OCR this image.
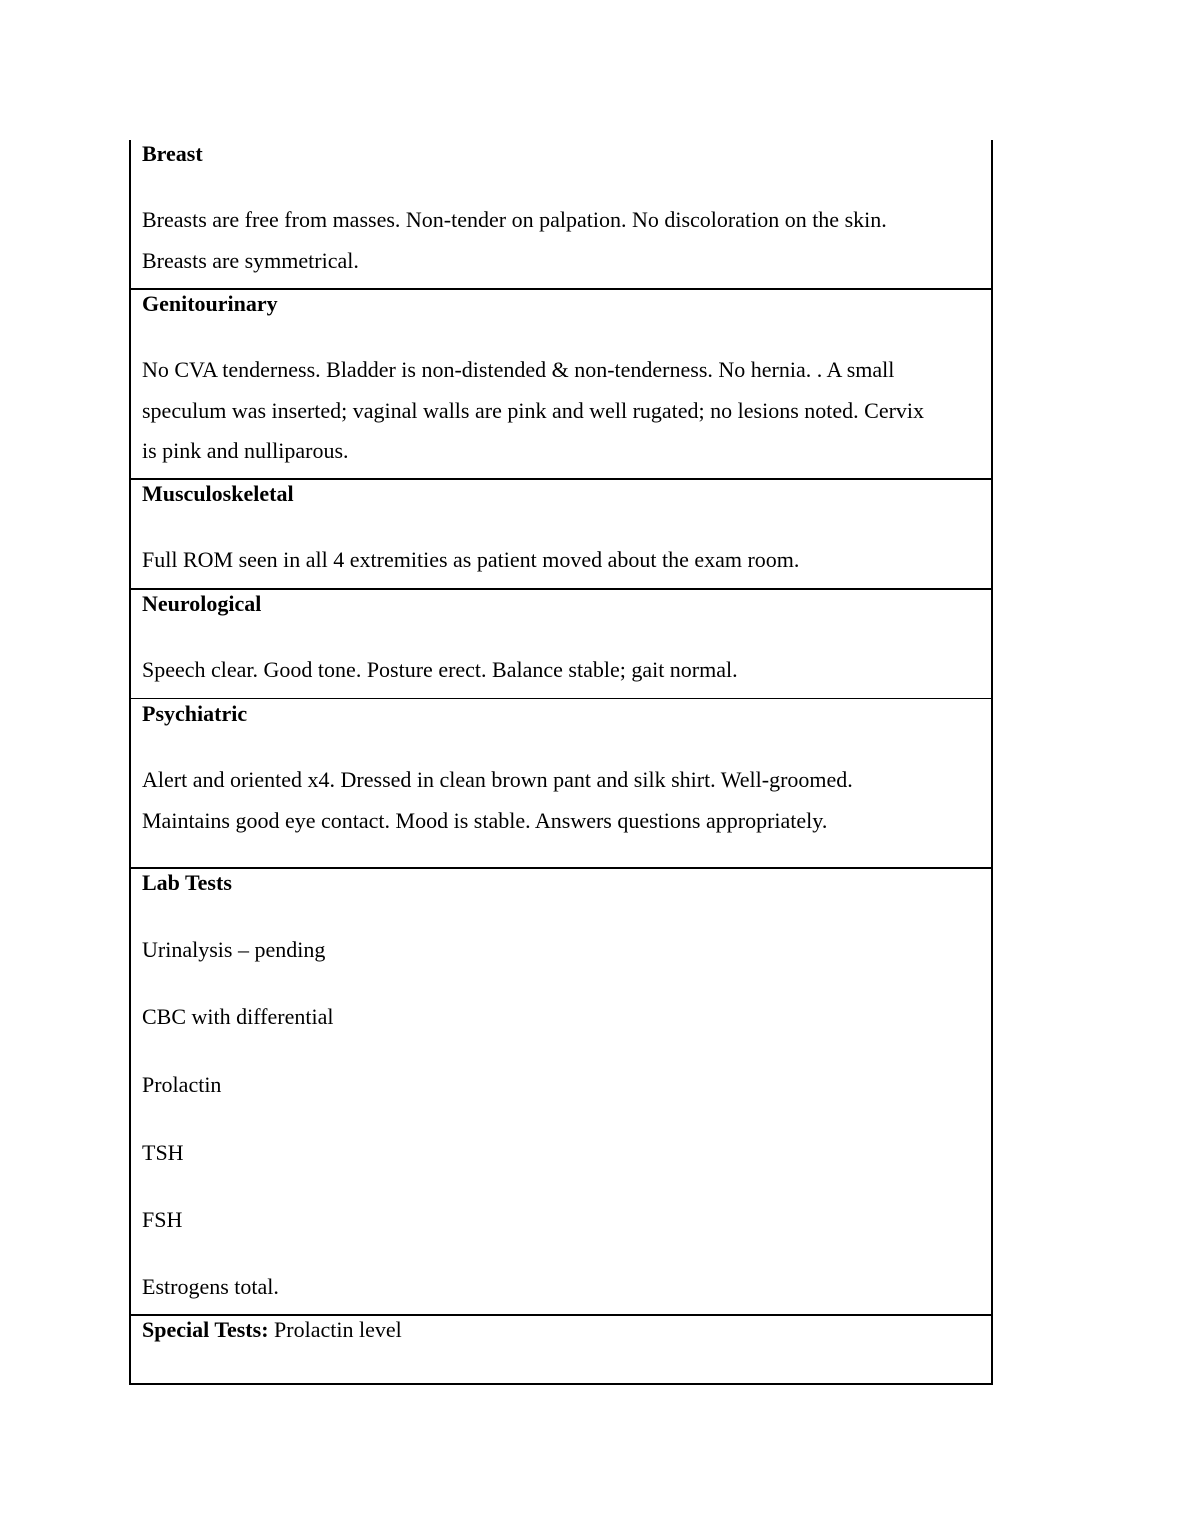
Breast
Breasts are free from masses. Non-tender on palpation. No discoloration on the skin.
Breasts are symmetrical.
Genitourinary
No CVA tenderness. Bladder is non-distended & non-tenderness. No hernia. . A small
speculum was inserted; vaginal walls are pink and well rugated; no lesions noted. Cervix
is pink and nulliparous.
Musculoskeletal
Full ROM seen in all 4 extremities as patient moved about the exam room.
Neurological
Speech clear. Good tone. Posture erect. Balance stable; gait normal.
Psychiatric
Alert and oriented x4. Dressed in clean brown pant and silk shirt. Well-groomed.
Maintains good eye contact. Mood is stable. Answers questions appropriately.
Lab Tests
Urinalysis – pending
CBC with differential
Prolactin
TSH
FSH
Estrogens total.
Special Tests: Prolactin level
